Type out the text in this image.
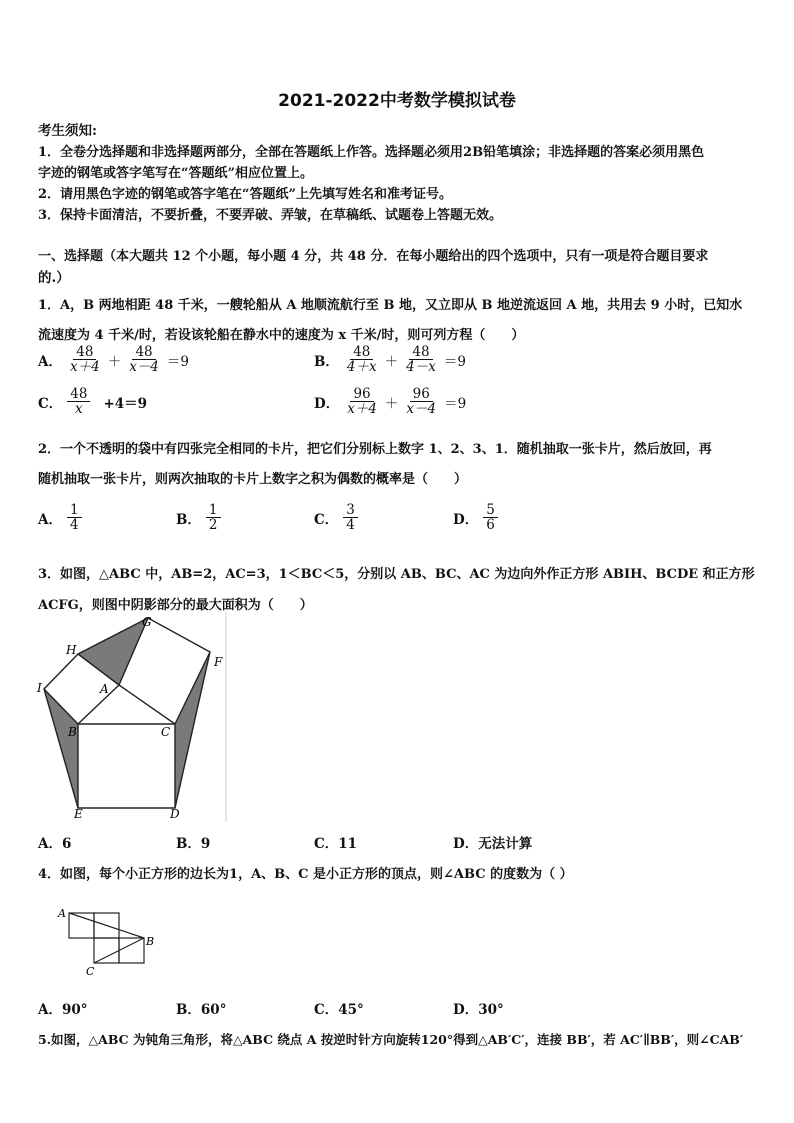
2021-2022中考数学模拟试卷
考生须知:
1．全卷分选择题和非选择题两部分，全部在答题纸上作答。选择题必须用2B铅笔填涂；非选择题的答案必须用黑色
字迹的钢笔或答字笔写在“答题纸”相应位置上。
2．请用黑色字迹的钢笔或答字笔在“答题纸”上先填写姓名和准考证号。
3．保持卡面清洁，不要折叠，不要弄破、弄皱，在草稿纸、试题卷上答题无效。
一、选择题（本大题共 12 个小题，每小题 4 分，共 48 分．在每小题给出的四个选项中，只有一项是符合题目要求
的.）
1．A，B 两地相距 48 千米，一艘轮船从 A 地顺流航行至 B 地，又立即从 B 地逆流返回 A 地，共用去 9 小时，已知水
流速度为 4 千米/时，若设该轮船在静水中的速度为 x 千米/时，则可列方程（　　）
A． $\frac{48}{x+4} + \frac{48}{x-4} =9$	B． $\frac{48}{4+x} + \frac{48}{4-x} =9$
C． $\frac{48}{x} +4=9$	D． $\frac{96}{x+4} + \frac{96}{x-4} =9$
2．一个不透明的袋中有四张完全相同的卡片，把它们分别标上数字 1、2、3、1．随机抽取一张卡片，然后放回，再
随机抽取一张卡片，则两次抽取的卡片上数字之积为偶数的概率是（　　）
A． $\frac{1}{4}$	B． $\frac{1}{2}$	C． $\frac{3}{4}$	D． $\frac{5}{6}$
3．如图，△ABC 中，AB=2，AC=3，1＜BC＜5，分别以 AB、BC、AC 为边向外作正方形 ABIH、BCDE 和正方形
ACFG，则图中阴影部分的最大面积为（　　）
G
H
F
I	A
B	C
E	D
A．6	B．9	C．11	D．无法计算
4．如图，每个小正方形的边长为1，A、B、C 是小正方形的顶点，则∠ABC 的度数为（ ）
A
B
C
A．90°	B．60°	C．45°	D．30°
5.如图，△ABC 为钝角三角形，将△ABC 绕点 A 按逆时针方向旋转120°得到△AB′C′，连接 BB′，若 AC′∥BB′，则∠CAB′
